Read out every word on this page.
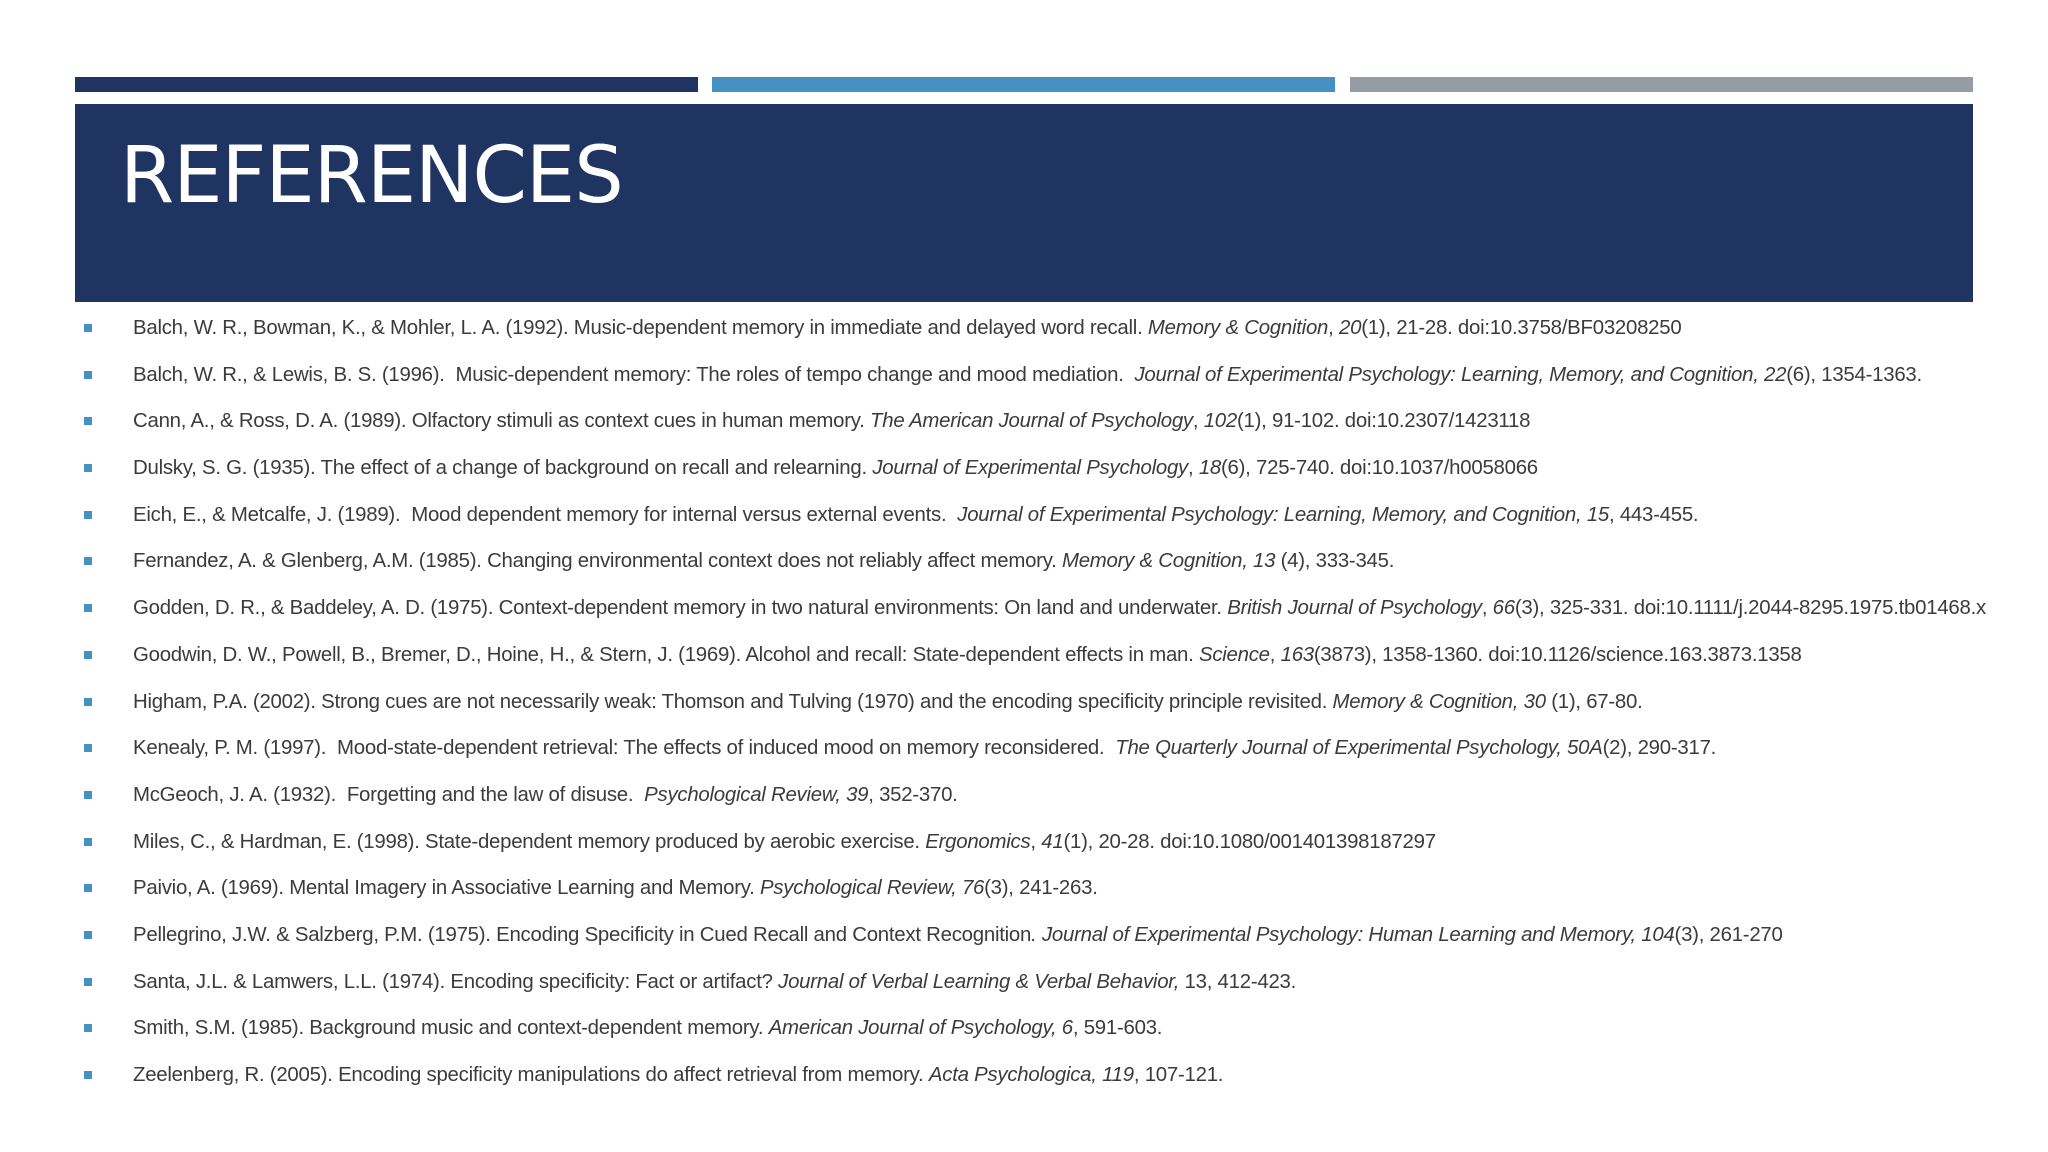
REFERENCES
Balch, W. R., Bowman, K., & Mohler, L. A. (1992). Music-dependent memory in immediate and delayed word recall. Memory & Cognition, 20(1), 21-28. doi:10.3758/BF03208250
Balch, W. R., & Lewis, B. S. (1996).  Music-dependent memory: The roles of tempo change and mood mediation.  Journal of Experimental Psychology: Learning, Memory, and Cognition, 22(6), 1354-1363.
Cann, A., & Ross, D. A. (1989). Olfactory stimuli as context cues in human memory. The American Journal of Psychology, 102(1), 91-102. doi:10.2307/1423118
Dulsky, S. G. (1935). The effect of a change of background on recall and relearning. Journal of Experimental Psychology, 18(6), 725-740. doi:10.1037/h0058066
Eich, E., & Metcalfe, J. (1989).  Mood dependent memory for internal versus external events.  Journal of Experimental Psychology: Learning, Memory, and Cognition, 15, 443-455.
Fernandez, A. & Glenberg, A.M. (1985). Changing environmental context does not reliably affect memory. Memory & Cognition, 13 (4), 333-345.
Godden, D. R., & Baddeley, A. D. (1975). Context-dependent memory in two natural environments: On land and underwater. British Journal of Psychology, 66(3), 325-331. doi:10.1111/j.2044-8295.1975.tb01468.x
Goodwin, D. W., Powell, B., Bremer, D., Hoine, H., & Stern, J. (1969). Alcohol and recall: State-dependent effects in man. Science, 163(3873), 1358-1360. doi:10.1126/science.163.3873.1358
Higham, P.A. (2002). Strong cues are not necessarily weak: Thomson and Tulving (1970) and the encoding specificity principle revisited. Memory & Cognition, 30 (1), 67-80.
Kenealy, P. M. (1997).  Mood-state-dependent retrieval: The effects of induced mood on memory reconsidered.  The Quarterly Journal of Experimental Psychology, 50A(2), 290-317.
McGeoch, J. A. (1932).  Forgetting and the law of disuse.  Psychological Review, 39, 352-370.
Miles, C., & Hardman, E. (1998). State-dependent memory produced by aerobic exercise. Ergonomics, 41(1), 20-28. doi:10.1080/001401398187297
Paivio, A. (1969). Mental Imagery in Associative Learning and Memory. Psychological Review, 76(3), 241-263.
Pellegrino, J.W. & Salzberg, P.M. (1975). Encoding Specificity in Cued Recall and Context Recognition. Journal of Experimental Psychology: Human Learning and Memory, 104(3), 261-270
Santa, J.L. & Lamwers, L.L. (1974). Encoding specificity: Fact or artifact? Journal of Verbal Learning & Verbal Behavior, 13, 412-423.
Smith, S.M. (1985). Background music and context-dependent memory. American Journal of Psychology, 6, 591-603.
Zeelenberg, R. (2005). Encoding specificity manipulations do affect retrieval from memory. Acta Psychologica, 119, 107-121.
